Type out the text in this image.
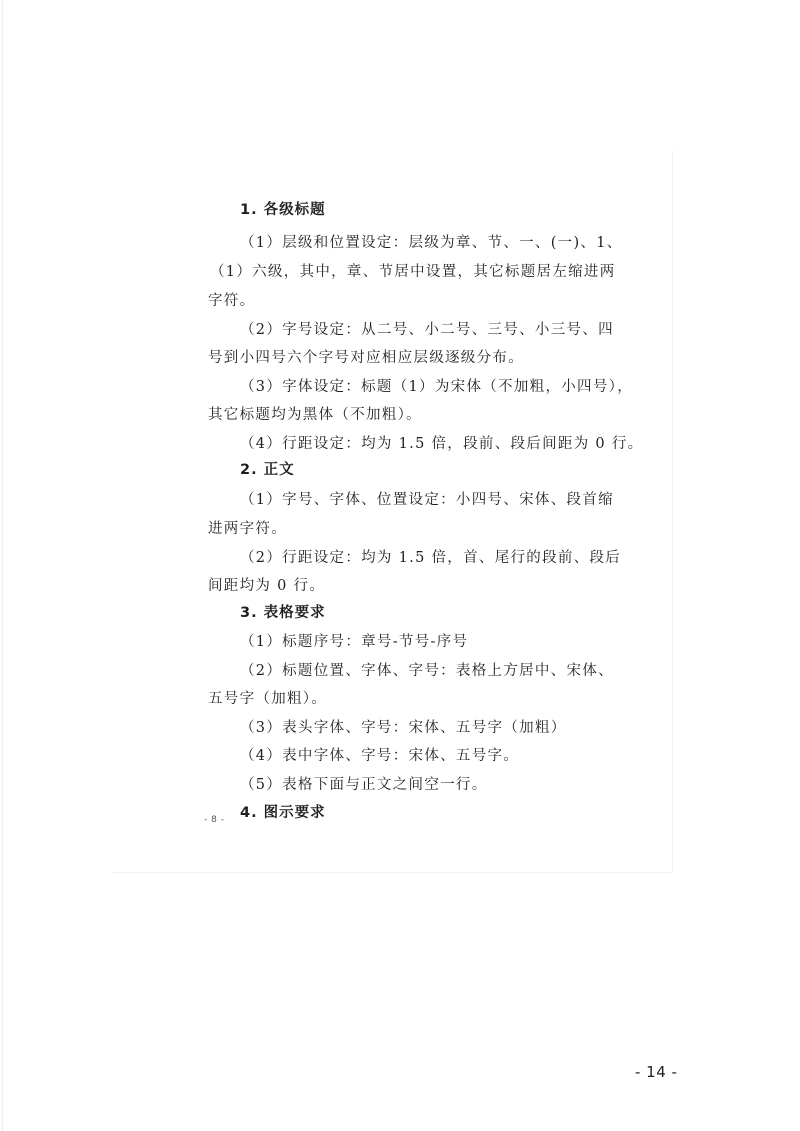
1. 各级标题
（1）层级和位置设定：层级为章、节、一、(一)、1、
（1）六级，其中，章、节居中设置，其它标题居左缩进两
字符。
（2）字号设定：从二号、小二号、三号、小三号、四
号到小四号六个字号对应相应层级逐级分布。
（3）字体设定：标题（1）为宋体（不加粗，小四号），
其它标题均为黑体（不加粗）。
（4）行距设定：均为 1.5 倍，段前、段后间距为 0 行。
2. 正文
（1）字号、字体、位置设定：小四号、宋体、段首缩
进两字符。
（2）行距设定：均为 1.5 倍，首、尾行的段前、段后
间距均为 0 行。
3. 表格要求
（1）标题序号：章号-节号-序号
（2）标题位置、字体、字号：表格上方居中、宋体、
五号字（加粗）。
（3）表头字体、字号：宋体、五号字（加粗）
（4）表中字体、字号：宋体、五号字。
（5）表格下面与正文之间空一行。
4. 图示要求
- 8 -
- 14 -
